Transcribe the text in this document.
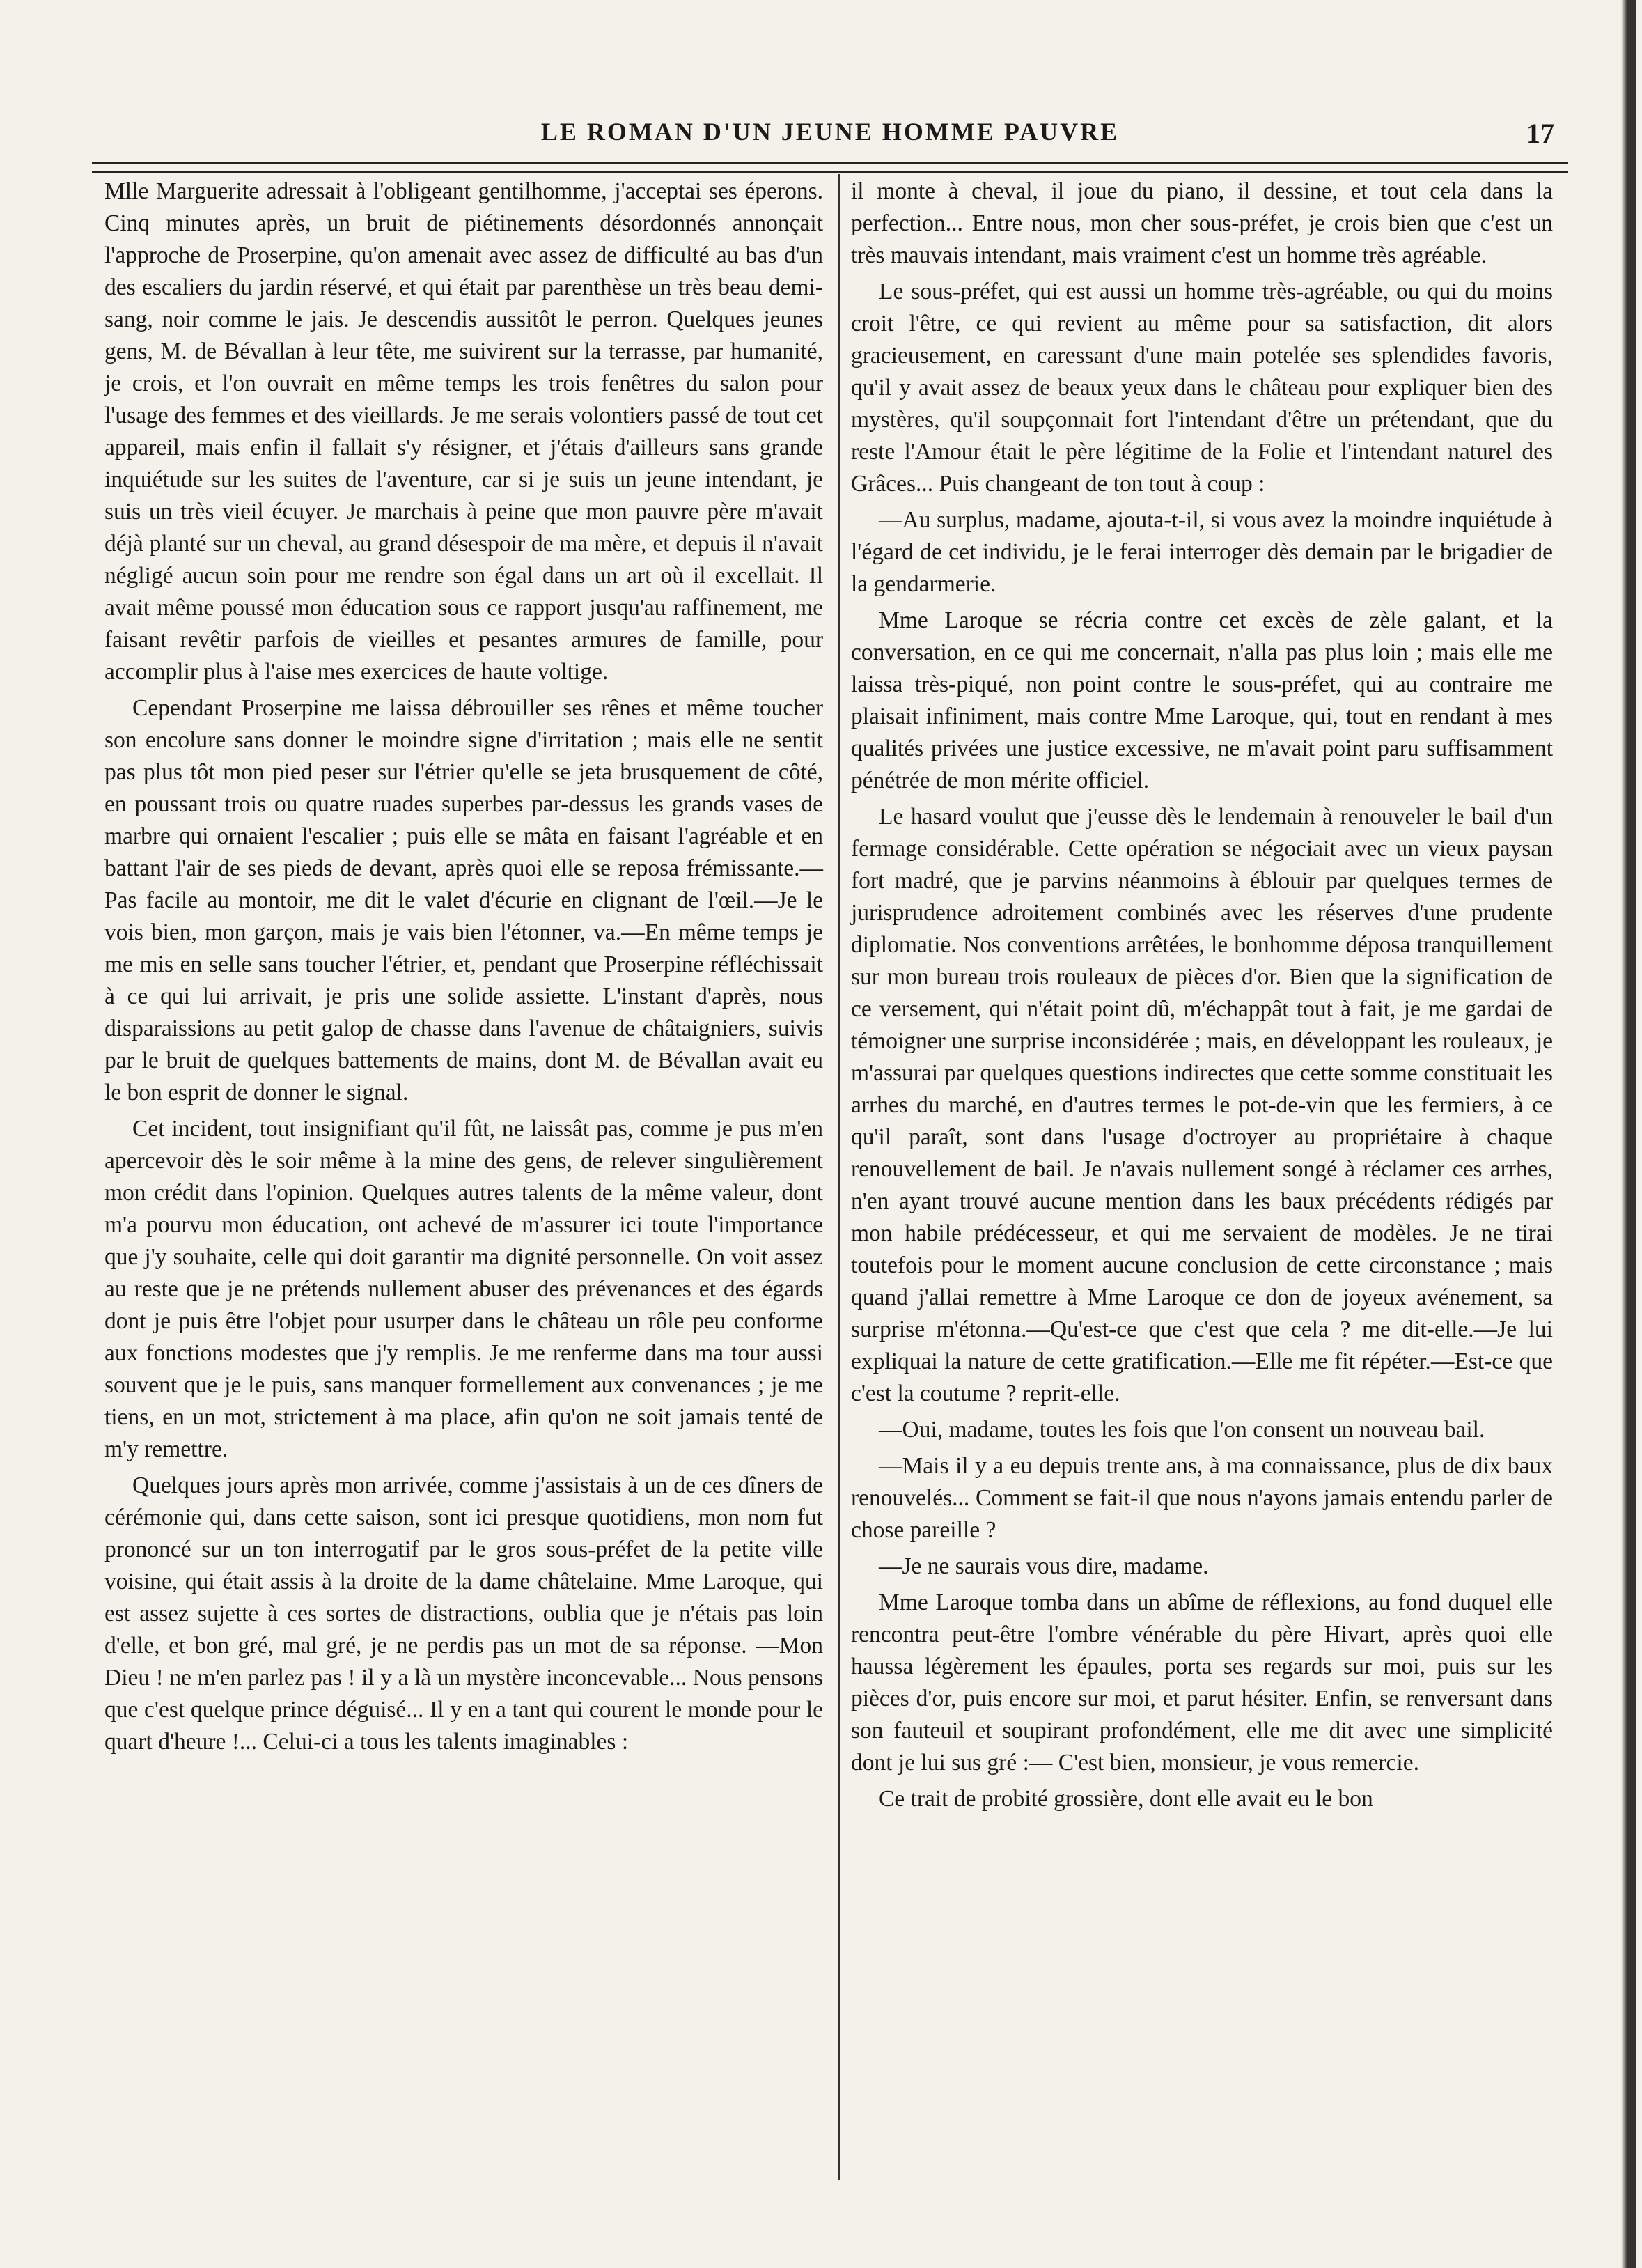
LE ROMAN D'UN JEUNE HOMME PAUVRE	17

Mlle Marguerite adressait à l'obligeant gentilhomme, j'acceptai ses éperons. Cinq minutes après, un bruit de piétinements désordonnés annonçait l'approche de Proserpine, qu'on amenait avec assez de difficulté au bas d'un des escaliers du jardin réservé, et qui était par parenthèse un très beau demi-sang, noir comme le jais. Je descendis aussitôt le perron. Quelques jeunes gens, M. de Bévallan à leur tête, me suivirent sur la terrasse, par humanité, je crois, et l'on ouvrait en même temps les trois fenêtres du salon pour l'usage des femmes et des vieillards. Je me serais volontiers passé de tout cet appareil, mais enfin il fallait s'y résigner, et j'étais d'ailleurs sans grande inquiétude sur les suites de l'aventure, car si je suis un jeune intendant, je suis un très vieil écuyer. Je marchais à peine que mon pauvre père m'avait déjà planté sur un cheval, au grand désespoir de ma mère, et depuis il n'avait négligé aucun soin pour me rendre son égal dans un art où il excellait. Il avait même poussé mon éducation sous ce rapport jusqu'au raffinement, me faisant revêtir parfois de vieilles et pesantes armures de famille, pour accomplir plus à l'aise mes exercices de haute voltige.

Cependant Proserpine me laissa débrouiller ses rênes et même toucher son encolure sans donner le moindre signe d'irritation ; mais elle ne sentit pas plus tôt mon pied peser sur l'étrier qu'elle se jeta brusquement de côté, en poussant trois ou quatre ruades superbes par-dessus les grands vases de marbre qui ornaient l'escalier ; puis elle se mâta en faisant l'agréable et en battant l'air de ses pieds de devant, après quoi elle se reposa frémissante.—Pas facile au montoir, me dit le valet d'écurie en clignant de l'œil.—Je le vois bien, mon garçon, mais je vais bien l'étonner, va.—En même temps je me mis en selle sans toucher l'étrier, et, pendant que Proserpine réfléchissait à ce qui lui arrivait, je pris une solide assiette. L'instant d'après, nous disparaissions au petit galop de chasse dans l'avenue de châtaigniers, suivis par le bruit de quelques battements de mains, dont M. de Bévallan avait eu le bon esprit de donner le signal.

Cet incident, tout insignifiant qu'il fût, ne laissât pas, comme je pus m'en apercevoir dès le soir même à la mine des gens, de relever singulièrement mon crédit dans l'opinion. Quelques autres talents de la même valeur, dont m'a pourvu mon éducation, ont achevé de m'assurer ici toute l'importance que j'y souhaite, celle qui doit garantir ma dignité personnelle. On voit assez au reste que je ne prétends nullement abuser des prévenances et des égards dont je puis être l'objet pour usurper dans le château un rôle peu conforme aux fonctions modestes que j'y remplis. Je me renferme dans ma tour aussi souvent que je le puis, sans manquer formellement aux convenances ; je me tiens, en un mot, strictement à ma place, afin qu'on ne soit jamais tenté de m'y remettre.

Quelques jours après mon arrivée, comme j'assistais à un de ces dîners de cérémonie qui, dans cette saison, sont ici presque quotidiens, mon nom fut prononcé sur un ton interrogatif par le gros sous-préfet de la petite ville voisine, qui était assis à la droite de la dame châtelaine. Mme Laroque, qui est assez sujette à ces sortes de distractions, oublia que je n'étais pas loin d'elle, et bon gré, mal gré, je ne perdis pas un mot de sa réponse. —Mon Dieu ! ne m'en parlez pas ! il y a là un mystère inconcevable... Nous pensons que c'est quelque prince déguisé... Il y en a tant qui courent le monde pour le quart d'heure !... Celui-ci a tous les talents imaginables :

il monte à cheval, il joue du piano, il dessine, et tout cela dans la perfection... Entre nous, mon cher sous-préfet, je crois bien que c'est un très mauvais intendant, mais vraiment c'est un homme très agréable.

Le sous-préfet, qui est aussi un homme très-agréable, ou qui du moins croit l'être, ce qui revient au même pour sa satisfaction, dit alors gracieusement, en caressant d'une main potelée ses splendides favoris, qu'il y avait assez de beaux yeux dans le château pour expliquer bien des mystères, qu'il soupçonnait fort l'intendant d'être un prétendant, que du reste l'Amour était le père légitime de la Folie et l'intendant naturel des Grâces... Puis changeant de ton tout à coup :

—Au surplus, madame, ajouta-t-il, si vous avez la moindre inquiétude à l'égard de cet individu, je le ferai interroger dès demain par le brigadier de la gendarmerie.

Mme Laroque se récria contre cet excès de zèle galant, et la conversation, en ce qui me concernait, n'alla pas plus loin ; mais elle me laissa très-piqué, non point contre le sous-préfet, qui au contraire me plaisait infiniment, mais contre Mme Laroque, qui, tout en rendant à mes qualités privées une justice excessive, ne m'avait point paru suffisamment pénétrée de mon mérite officiel.

Le hasard voulut que j'eusse dès le lendemain à renouveler le bail d'un fermage considérable. Cette opération se négociait avec un vieux paysan fort madré, que je parvins néanmoins à éblouir par quelques termes de jurisprudence adroitement combinés avec les réserves d'une prudente diplomatie. Nos conventions arrêtées, le bonhomme déposa tranquillement sur mon bureau trois rouleaux de pièces d'or. Bien que la signification de ce versement, qui n'était point dû, m'échappât tout à fait, je me gardai de témoigner une surprise inconsidérée ; mais, en développant les rouleaux, je m'assurai par quelques questions indirectes que cette somme constituait les arrhes du marché, en d'autres termes le pot-de-vin que les fermiers, à ce qu'il paraît, sont dans l'usage d'octroyer au propriétaire à chaque renouvellement de bail. Je n'avais nullement songé à réclamer ces arrhes, n'en ayant trouvé aucune mention dans les baux précédents rédigés par mon habile prédécesseur, et qui me servaient de modèles. Je ne tirai toutefois pour le moment aucune conclusion de cette circonstance ; mais quand j'allai remettre à Mme Laroque ce don de joyeux avénement, sa surprise m'étonna.—Qu'est-ce que c'est que cela ? me dit-elle.—Je lui expliquai la nature de cette gratification.—Elle me fit répéter.—Est-ce que c'est la coutume ? reprit-elle.

—Oui, madame, toutes les fois que l'on consent un nouveau bail.

—Mais il y a eu depuis trente ans, à ma connaissance, plus de dix baux renouvelés... Comment se fait-il que nous n'ayons jamais entendu parler de chose pareille ?

—Je ne saurais vous dire, madame.

Mme Laroque tomba dans un abîme de réflexions, au fond duquel elle rencontra peut-être l'ombre vénérable du père Hivart, après quoi elle haussa légèrement les épaules, porta ses regards sur moi, puis sur les pièces d'or, puis encore sur moi, et parut hésiter. Enfin, se renversant dans son fauteuil et soupirant profondément, elle me dit avec une simplicité dont je lui sus gré :— C'est bien, monsieur, je vous remercie.

Ce trait de probité grossière, dont elle avait eu le bon
